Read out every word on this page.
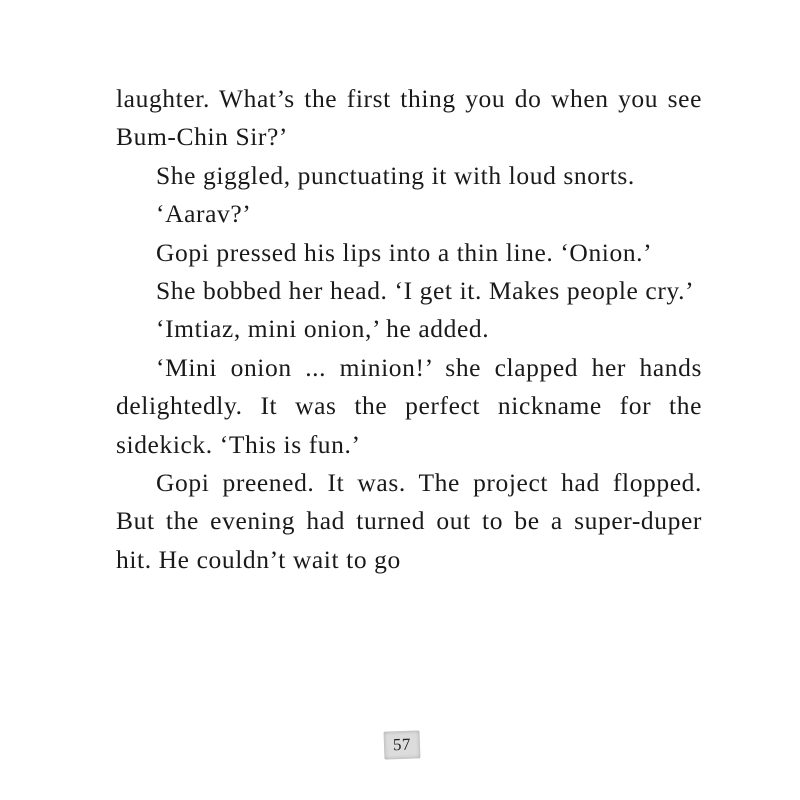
laughter. What’s the first thing you do when you see Bum-Chin Sir?’

She giggled, punctuating it with loud snorts.

‘Aarav?’

Gopi pressed his lips into a thin line. ‘Onion.’

She bobbed her head. ‘I get it. Makes people cry.’

‘Imtiaz, mini onion,’ he added.

‘Mini onion ... minion!’ she clapped her hands delightedly. It was the perfect nickname for the sidekick. ‘This is fun.’

Gopi preened. It was. The project had flopped. But the evening had turned out to be a super-duper hit. He couldn’t wait to go

57
